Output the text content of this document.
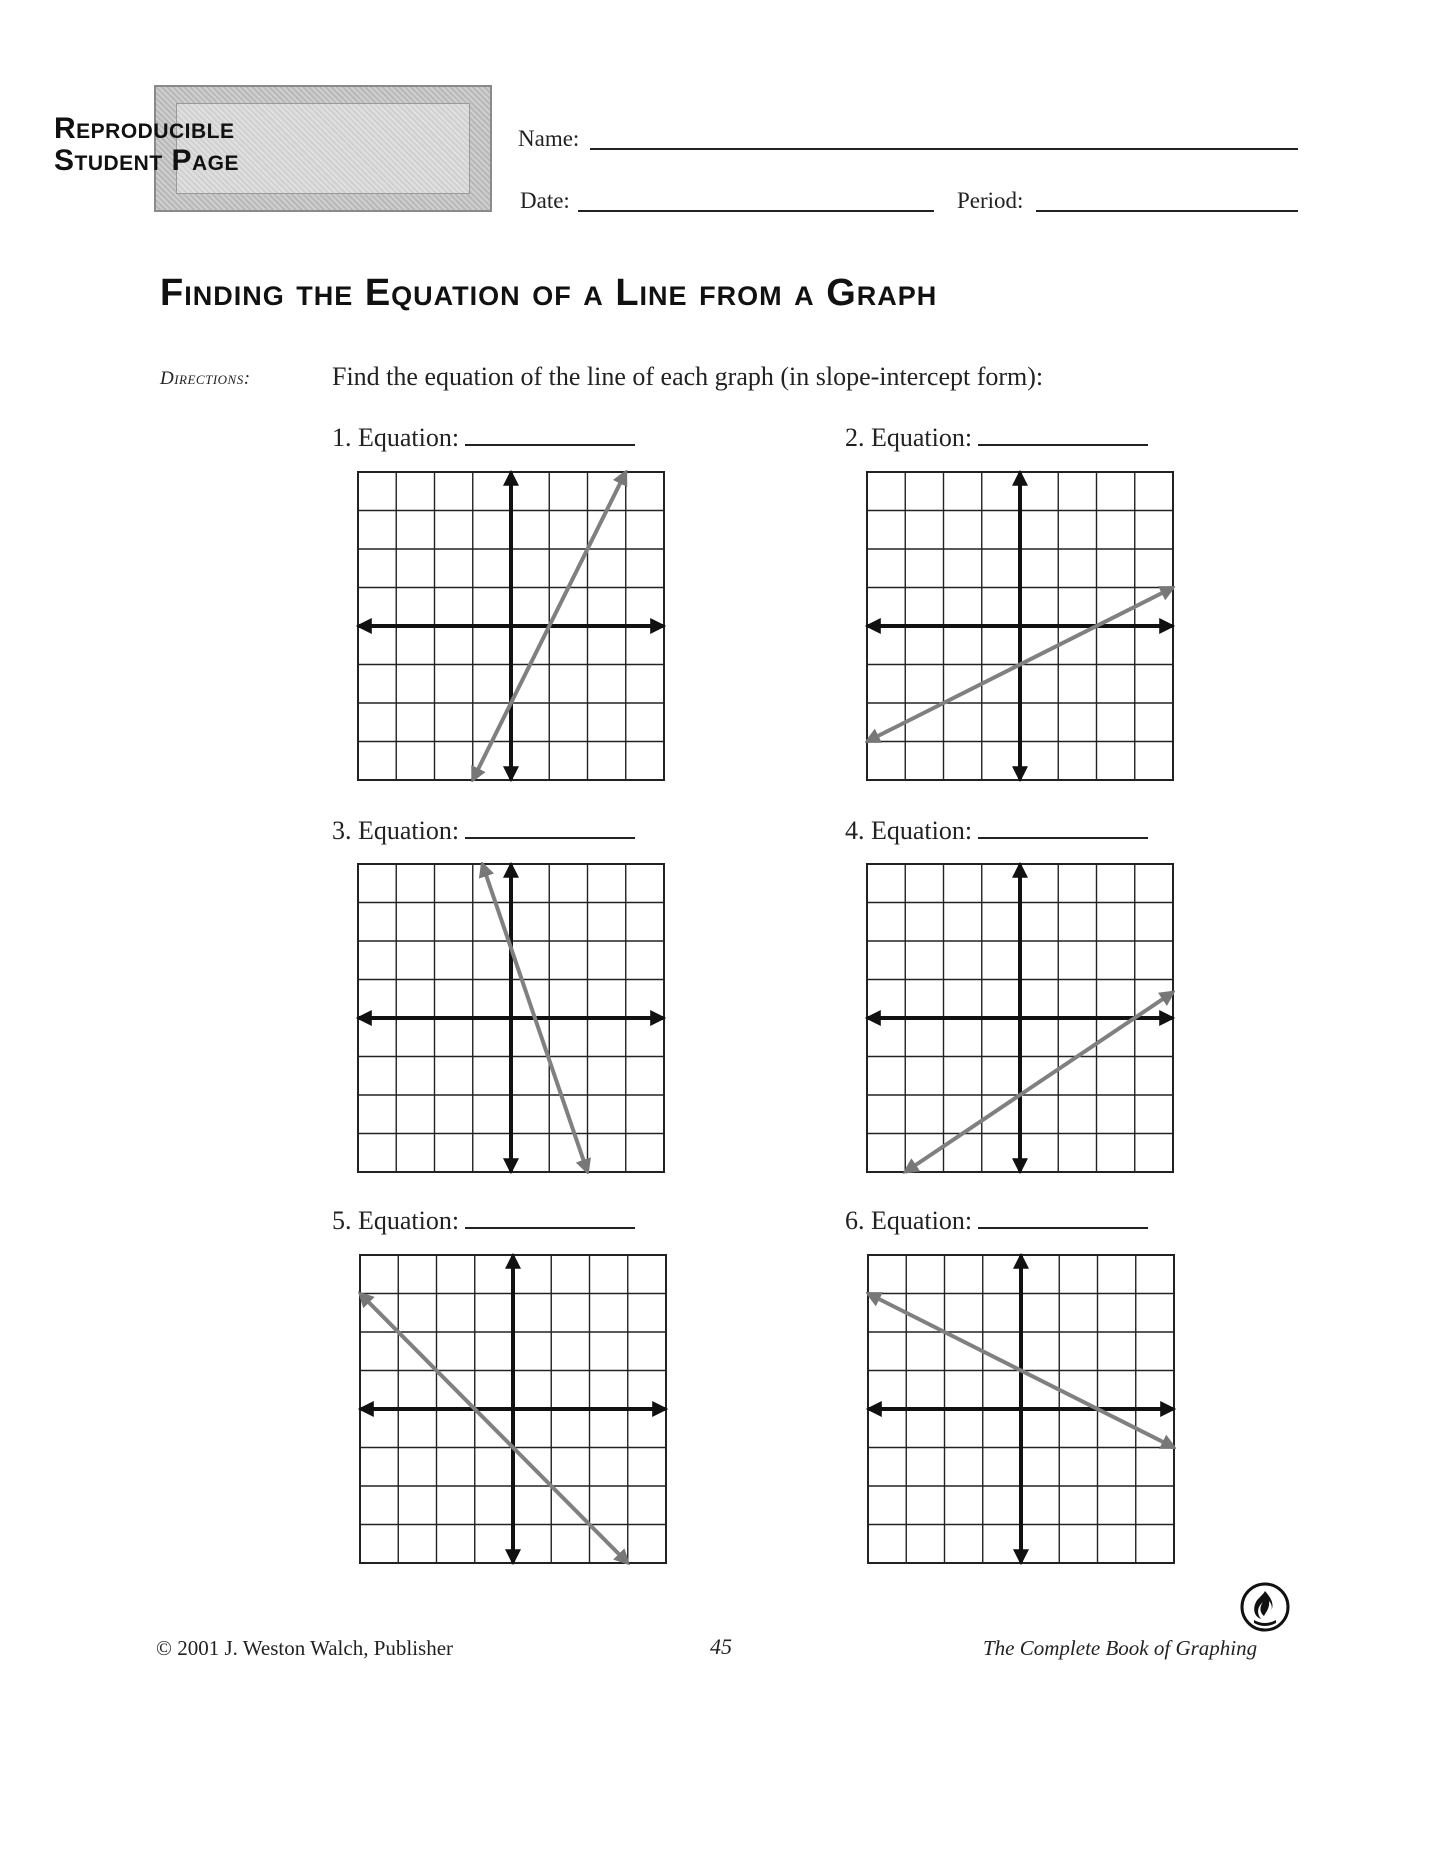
Reproducible
Student Page
Name:
Date:	Period:
Finding the Equation of a Line from a Graph
Directions:	Find the equation of the line of each graph (in slope-intercept form):
1. Equation:	2. Equation:
3. Equation:	4. Equation:
5. Equation:	6. Equation:
© 2001 J. Weston Walch, Publisher	45	The Complete Book of Graphing
